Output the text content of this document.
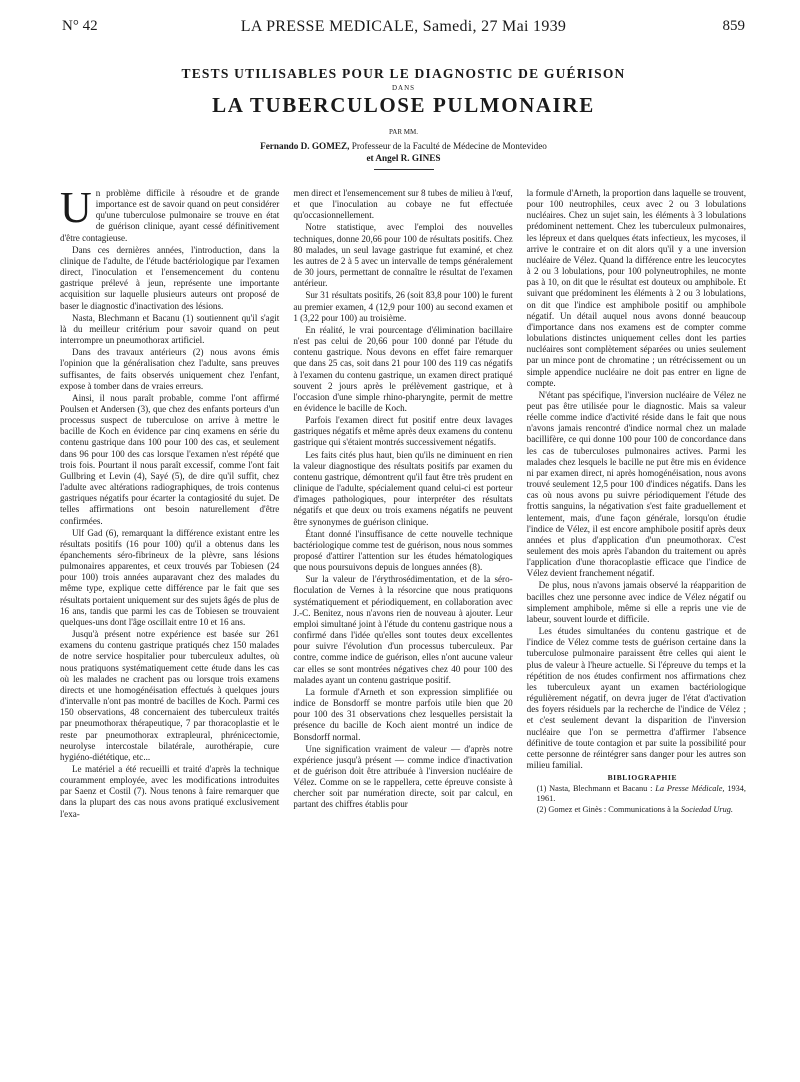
N° 42	LA PRESSE MEDICALE, Samedi, 27 Mai 1939	859
TESTS UTILISABLES POUR LE DIAGNOSTIC DE GUÉRISON
DANS
LA TUBERCULOSE PULMONAIRE
PAR MM.
Fernando D. GOMEZ, Professeur de la Faculté de Médecine de Montevideo
et Angel R. GINES

Un problème difficile à résoudre et de grande importance est de savoir quand on peut considérer qu'une tuberculose pulmonaire se trouve en état de guérison clinique, ayant cessé définitivement d'être contagieuse.

Dans ces dernières années, l'introduction, dans la clinique de l'adulte, de l'étude bactériologique par l'examen direct, l'inoculation et l'ensemencement du contenu gastrique prélevé à jeun, représente une importante acquisition sur laquelle plusieurs auteurs ont proposé de baser le diagnostic d'inactivation des lésions.

Nasta, Blechmann et Bacanu (1) soutiennent qu'il s'agit là du meilleur critérium pour savoir quand on peut interrompre un pneumothorax artificiel.

Dans des travaux antérieurs (2) nous avons émis l'opinion que la généralisation chez l'adulte, sans preuves suffisantes, de faits observés uniquement chez l'enfant, expose à tomber dans de vraies erreurs.

Ainsi, il nous paraît probable, comme l'ont affirmé Poulsen et Andersen (3), que chez des enfants porteurs d'un processus suspect de tuberculose on arrive à mettre le bacille de Koch en évidence par cinq examens en série du contenu gastrique dans 100 pour 100 des cas, et seulement dans 96 pour 100 des cas lorsque l'examen n'est répété que trois fois. Pourtant il nous paraît excessif, comme l'ont fait Gullbring et Levin (4), Sayé (5), de dire qu'il suffit, chez l'adulte avec altérations radiographiques, de trois contenus gastriques négatifs pour écarter la contagiosité du sujet. De telles affirmations ont besoin naturellement d'être confirmées.

Ulf Gad (6), remarquant la différence existant entre les résultats positifs (16 pour 100) qu'il a obtenus dans les épanchements séro-fibrineux de la plèvre, sans lésions pulmonaires apparentes, et ceux trouvés par Tobiesen (24 pour 100) trois années auparavant chez des malades du même type, explique cette différence par le fait que ses résultats portaient uniquement sur des sujets âgés de plus de 16 ans, tandis que parmi les cas de Tobiesen se trouvaient quelques-uns dont l'âge oscillait entre 10 et 16 ans.

Jusqu'à présent notre expérience est basée sur 261 examens du contenu gastrique pratiqués chez 150 malades de notre service hospitalier pour tuberculeux adultes, où nous pratiquons systématiquement cette étude dans les cas où les malades ne crachent pas ou lorsque trois examens directs et une homogénéisation effectués à quelques jours d'intervalle n'ont pas montré de bacilles de Koch. Parmi ces 150 observations, 48 concernaient des tuberculeux traités par pneumothorax thérapeutique, 7 par thoracoplastie et le reste par pneumothorax extrapleural, phrénicectomie, neurolyse intercostale bilatérale, aurothérapie, cure hygiéno-diététique, etc...

Le matériel a été recueilli et traité d'après la technique couramment employée, avec les modifications introduites par Saenz et Costil (7). Nous tenons à faire remarquer que dans la plupart des cas nous avons pratiqué exclusivement l'exa-

men direct et l'ensemencement sur 8 tubes de milieu à l'œuf, et que l'inoculation au cobaye ne fut effectuée qu'occasionnellement.

Notre statistique, avec l'emploi des nouvelles techniques, donne 20,66 pour 100 de résultats positifs. Chez 80 malades, un seul lavage gastrique fut examiné, et chez les autres de 2 à 5 avec un intervalle de temps généralement de 30 jours, permettant de connaître le résultat de l'examen antérieur.

Sur 31 résultats positifs, 26 (soit 83,8 pour 100) le furent au premier examen, 4 (12,9 pour 100) au second examen et 1 (3,22 pour 100) au troisième.

En réalité, le vrai pourcentage d'élimination bacillaire n'est pas celui de 20,66 pour 100 donné par l'étude du contenu gastrique. Nous devons en effet faire remarquer que dans 25 cas, soit dans 21 pour 100 des 119 cas négatifs à l'examen du contenu gastrique, un examen direct pratiqué souvent 2 jours après le prélèvement gastrique, et à l'occasion d'une simple rhino-pharyngite, permit de mettre en évidence le bacille de Koch.

Parfois l'examen direct fut positif entre deux lavages gastriques négatifs et même après deux examens du contenu gastrique qui s'étaient montrés successivement négatifs.

Les faits cités plus haut, bien qu'ils ne diminuent en rien la valeur diagnostique des résultats positifs par examen du contenu gastrique, démontrent qu'il faut être très prudent en clinique de l'adulte, spécialement quand celui-ci est porteur d'images pathologiques, pour interpréter des résultats négatifs et que deux ou trois examens négatifs ne peuvent être synonymes de guérison clinique.

Étant donné l'insuffisance de cette nouvelle technique bactériologique comme test de guérison, nous nous sommes proposé d'attirer l'attention sur les études hématologiques que nous poursuivons depuis de longues années (8).

Sur la valeur de l'érythrosédimentation, et de la séro-floculation de Vernes à la résorcine que nous pratiquons systématiquement et périodiquement, en collaboration avec J.-C. Benitez, nous n'avons rien de nouveau à ajouter. Leur emploi simultané joint à l'étude du contenu gastrique nous a confirmé dans l'idée qu'elles sont toutes deux excellentes pour suivre l'évolution d'un processus tuberculeux. Par contre, comme indice de guérison, elles n'ont aucune valeur car elles se sont montrées négatives chez 40 pour 100 des malades ayant un contenu gastrique positif.

La formule d'Arneth et son expression simplifiée ou indice de Bonsdorff se montre parfois utile bien que 20 pour 100 des 31 observations chez lesquelles persistait la présence du bacille de Koch aient montré un indice de Bonsdorff normal.

Une signification vraiment de valeur — d'après notre expérience jusqu'à présent — comme indice d'inactivation et de guérison doit être attribuée à l'inversion nucléaire de Vélez. Comme on se le rappellera, cette épreuve consiste à chercher soit par numération directe, soit par calcul, en partant des chiffres établis pour

la formule d'Arneth, la proportion dans laquelle se trouvent, pour 100 neutrophiles, ceux avec 2 ou 3 lobulations nucléaires. Chez un sujet sain, les éléments à 3 lobulations prédominent nettement. Chez les tuberculeux pulmonaires, les lépreux et dans quelques états infectieux, les mycoses, il arrive le contraire et on dit alors qu'il y a une inversion nucléaire de Vélez. Quand la différence entre les leucocytes à 2 ou 3 lobulations, pour 100 polyneutrophiles, ne monte pas à 10, on dit que le résultat est douteux ou amphibole. Et suivant que prédominent les éléments à 2 ou 3 lobulations, on dit que l'indice est amphibole positif ou amphibole négatif. Un détail auquel nous avons donné beaucoup d'importance dans nos examens est de compter comme lobulations distinctes uniquement celles dont les parties nucléaires sont complètement séparées ou unies seulement par un mince pont de chromatine ; un rétrécissement ou un simple appendice nucléaire ne doit pas entrer en ligne de compte.

N'étant pas spécifique, l'inversion nucléaire de Vélez ne peut pas être utilisée pour le diagnostic. Mais sa valeur réelle comme indice d'activité réside dans le fait que nous n'avons jamais rencontré d'indice normal chez un malade bacillifère, ce qui donne 100 pour 100 de concordance dans les cas de tuberculoses pulmonaires actives. Parmi les malades chez lesquels le bacille ne put être mis en évidence ni par examen direct, ni après homogénéisation, nous avons trouvé seulement 12,5 pour 100 d'indices négatifs. Dans les cas où nous avons pu suivre périodiquement l'étude des frottis sanguins, la négativation s'est faite graduellement et lentement, mais, d'une façon générale, lorsqu'on étudie l'indice de Vélez, il est encore amphibole positif après deux années et plus d'application d'un pneumothorax. C'est seulement des mois après l'abandon du traitement ou après l'application d'une thoracoplastie efficace que l'indice de Vélez devient franchement négatif.

De plus, nous n'avons jamais observé la réapparition de bacilles chez une personne avec indice de Vélez négatif ou simplement amphibole, même si elle a repris une vie de labeur, souvent lourde et difficile.

Les études simultanées du contenu gastrique et de l'indice de Vélez comme tests de guérison certaine dans la tuberculose pulmonaire paraissent être celles qui aient le plus de valeur à l'heure actuelle. Si l'épreuve du temps et la répétition de nos études confirment nos affirmations chez les tuberculeux ayant un examen bactériologique régulièrement négatif, on devra juger de l'état d'activation des foyers résiduels par la recherche de l'indice de Vélez ; et c'est seulement devant la disparition de l'inversion nucléaire que l'on se permettra d'affirmer l'absence définitive de toute contagion et par suite la possibilité pour cette personne de réintégrer sans danger pour les autres son milieu familial.

BIBLIOGRAPHIE

(1) Nasta, Blechmann et Bacanu : La Presse Médicale, 1934, 1961.

(2) Gomez et Ginès : Communications à la Sociedad Urug.
